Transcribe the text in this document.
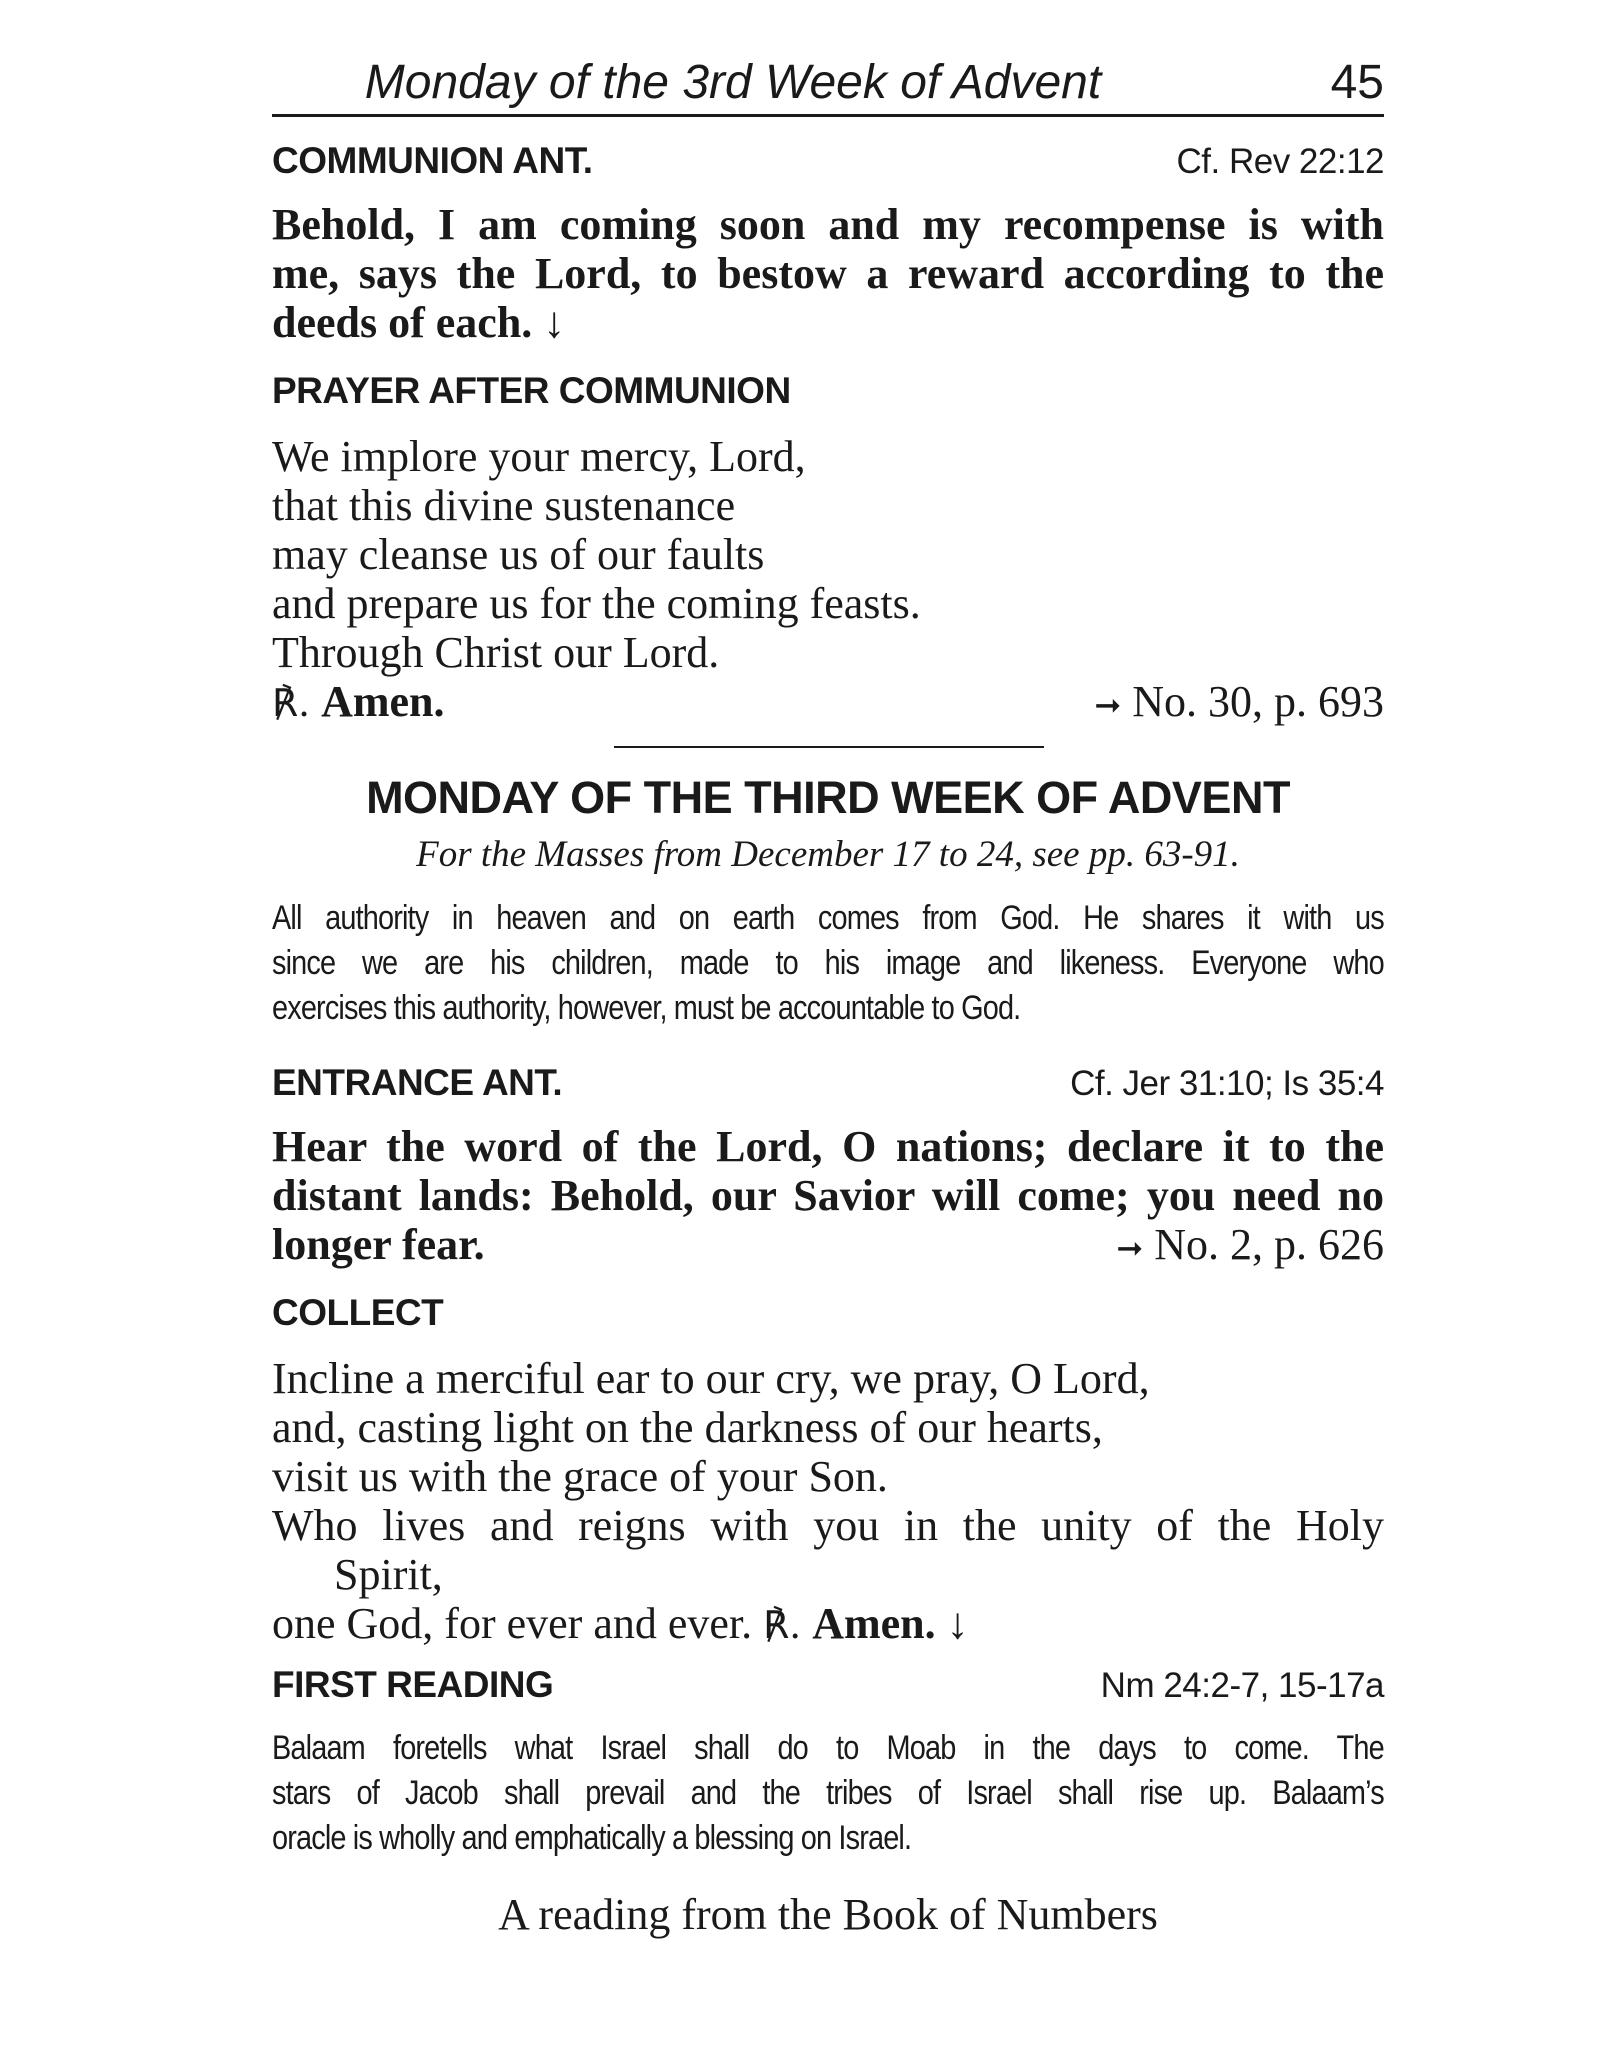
Monday of the 3rd Week of Advent	45
COMMUNION ANT.	Cf. Rev 22:12
Behold, I am coming soon and my recompense is with
me, says the Lord, to bestow a reward according to the
deeds of each. ↓
PRAYER AFTER COMMUNION
We implore your mercy, Lord,
that this divine sustenance
may cleanse us of our faults
and prepare us for the coming feasts.
Through Christ our Lord.
℟. Amen.	➞ No. 30, p. 693
MONDAY OF THE THIRD WEEK OF ADVENT
For the Masses from December 17 to 24, see pp. 63-91.
All authority in heaven and on earth comes from God. He shares it with us
since we are his children, made to his image and likeness. Everyone who
exercises this authority, however, must be accountable to God.
ENTRANCE ANT.	Cf. Jer 31:10; Is 35:4
Hear the word of the Lord, O nations; declare it to the
distant lands: Behold, our Savior will come; you need no
longer fear.	➞ No. 2, p. 626
COLLECT
Incline a merciful ear to our cry, we pray, O Lord,
and, casting light on the darkness of our hearts,
visit us with the grace of your Son.
Who lives and reigns with you in the unity of the Holy
Spirit,
one God, for ever and ever. ℟. Amen. ↓
FIRST READING	Nm 24:2-7, 15-17a
Balaam foretells what Israel shall do to Moab in the days to come. The
stars of Jacob shall prevail and the tribes of Israel shall rise up. Balaam’s
oracle is wholly and emphatically a blessing on Israel.
A reading from the Book of Numbers
